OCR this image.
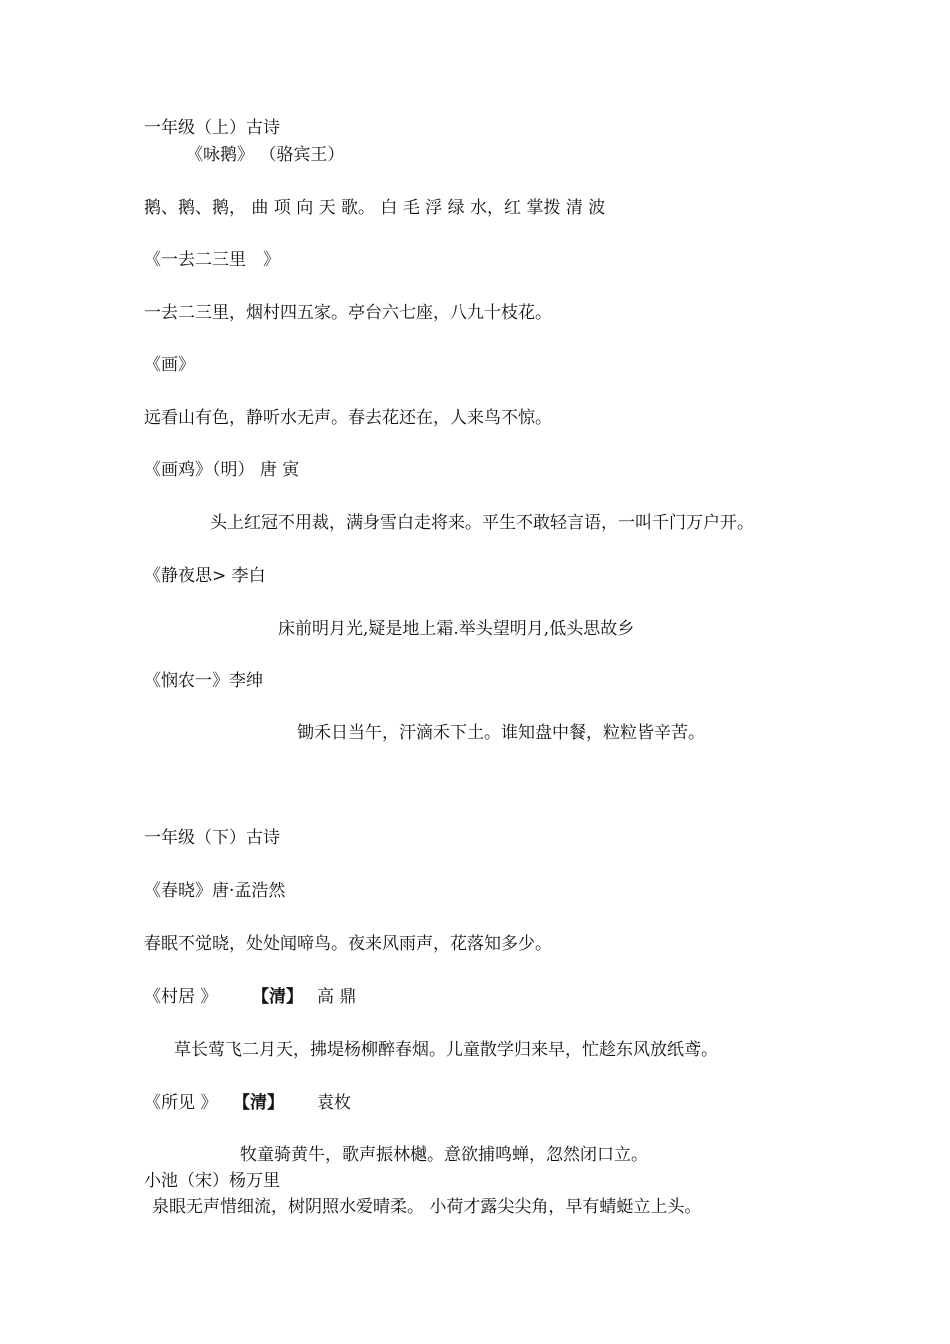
一年级（上）古诗
《咏鹅》 （骆宾王）
鹅、鹅、鹅， 曲 项 向 天 歌。 白 毛 浮 绿 水，红 掌拨 清 波
《一去二三里　》
一去二三里，烟村四五家。亭台六七座，八九十枝花。
《画》
远看山有色，静听水无声。春去花还在，人来鸟不惊。
《画鸡》（明） 唐 寅
头上红冠不用裁，满身雪白走将来。平生不敢轻言语，一叫千门万户开。
《静夜思> 李白
床前明月光,疑是地上霜.举头望明月,低头思故乡
《悯农一》李绅
锄禾日当午，汗滴禾下土。谁知盘中餐，粒粒皆辛苦。
一年级（下）古诗
《春晓》唐·孟浩然
春眠不觉晓，处处闻啼鸟。夜来风雨声，花落知多少。
《村居 》 【清】 高 鼎
草长莺飞二月天，拂堤杨柳醉春烟。儿童散学归来早，忙趁东风放纸鸢。
《所见 》 【清】 袁枚
牧童骑黄牛，歌声振林樾。意欲捕鸣蝉，忽然闭口立。
小池（宋）杨万里
泉眼无声惜细流，树阴照水爱晴柔。 小荷才露尖尖角，早有蜻蜓立上头。
